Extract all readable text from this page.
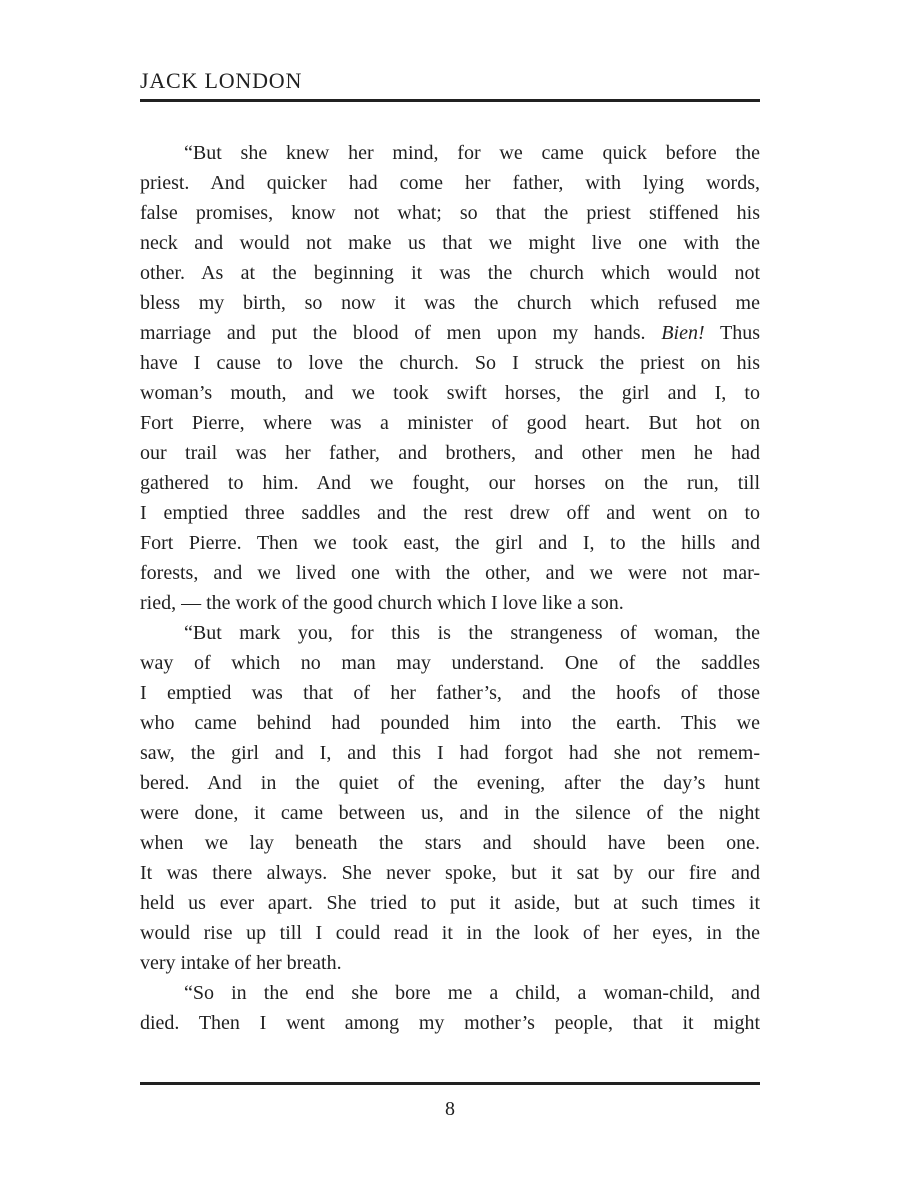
JACK LONDON
“But she knew her mind, for we came quick before the
priest. And quicker had come her father, with lying words,
false promises, know not what; so that the priest stiffened his
neck and would not make us that we might live one with the
other. As at the beginning it was the church which would not
bless my birth, so now it was the church which refused me
marriage and put the blood of men upon my hands. Bien! Thus
have I cause to love the church. So I struck the priest on his
woman’s mouth, and we took swift horses, the girl and I, to
Fort Pierre, where was a minister of good heart. But hot on
our trail was her father, and brothers, and other men he had
gathered to him. And we fought, our horses on the run, till
I emptied three saddles and the rest drew off and went on to
Fort Pierre. Then we took east, the girl and I, to the hills and
forests, and we lived one with the other, and we were not mar-
ried, — the work of the good church which I love like a son.
“But mark you, for this is the strangeness of woman, the
way of which no man may understand. One of the saddles
I emptied was that of her father’s, and the hoofs of those
who came behind had pounded him into the earth. This we
saw, the girl and I, and this I had forgot had she not remem-
bered. And in the quiet of the evening, after the day’s hunt
were done, it came between us, and in the silence of the night
when we lay beneath the stars and should have been one.
It was there always. She never spoke, but it sat by our fire and
held us ever apart. She tried to put it aside, but at such times it
would rise up till I could read it in the look of her eyes, in the
very intake of her breath.
“So in the end she bore me a child, a woman-child, and
died. Then I went among my mother’s people, that it might
8
